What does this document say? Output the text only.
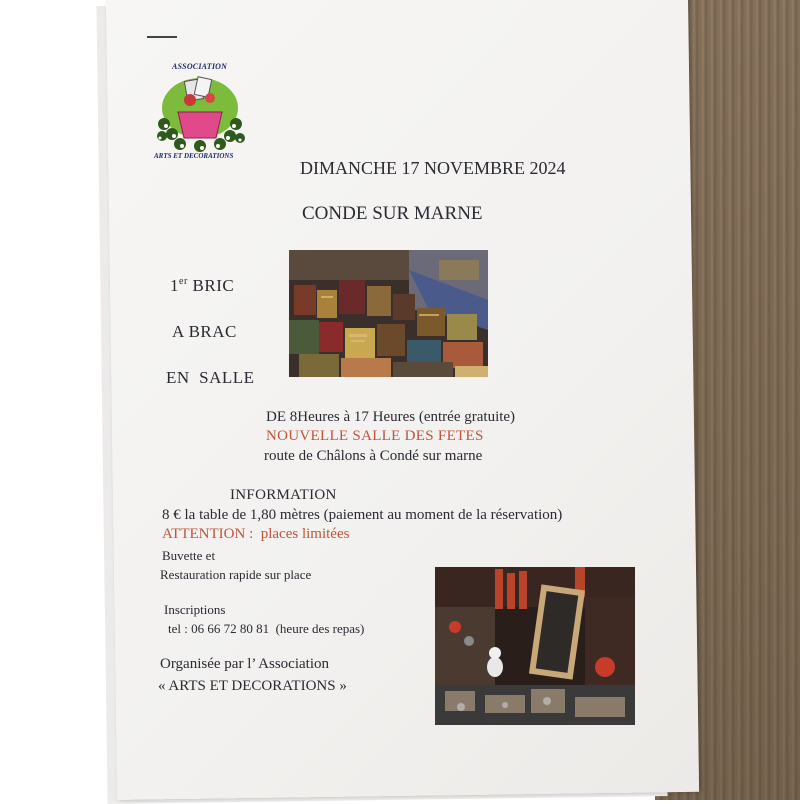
ASSOCIATION
ARTS ET DECORATIONS
DIMANCHE 17 NOVEMBRE 2024
CONDE SUR MARNE
1er BRIC
A BRAC
EN  SALLE
DE 8Heures à 17 Heures (entrée gratuite)
NOUVELLE SALLE DES FETES
route de Châlons à Condé sur marne
INFORMATION
8 € la table de 1,80 mètres (paiement au moment de la réservation)
ATTENTION :  places limitées
Buvette et
Restauration rapide sur place
Inscriptions
tel : 06 66 72 80 81  (heure des repas)
Organisée par l’ Association
« ARTS ET DECORATIONS »
